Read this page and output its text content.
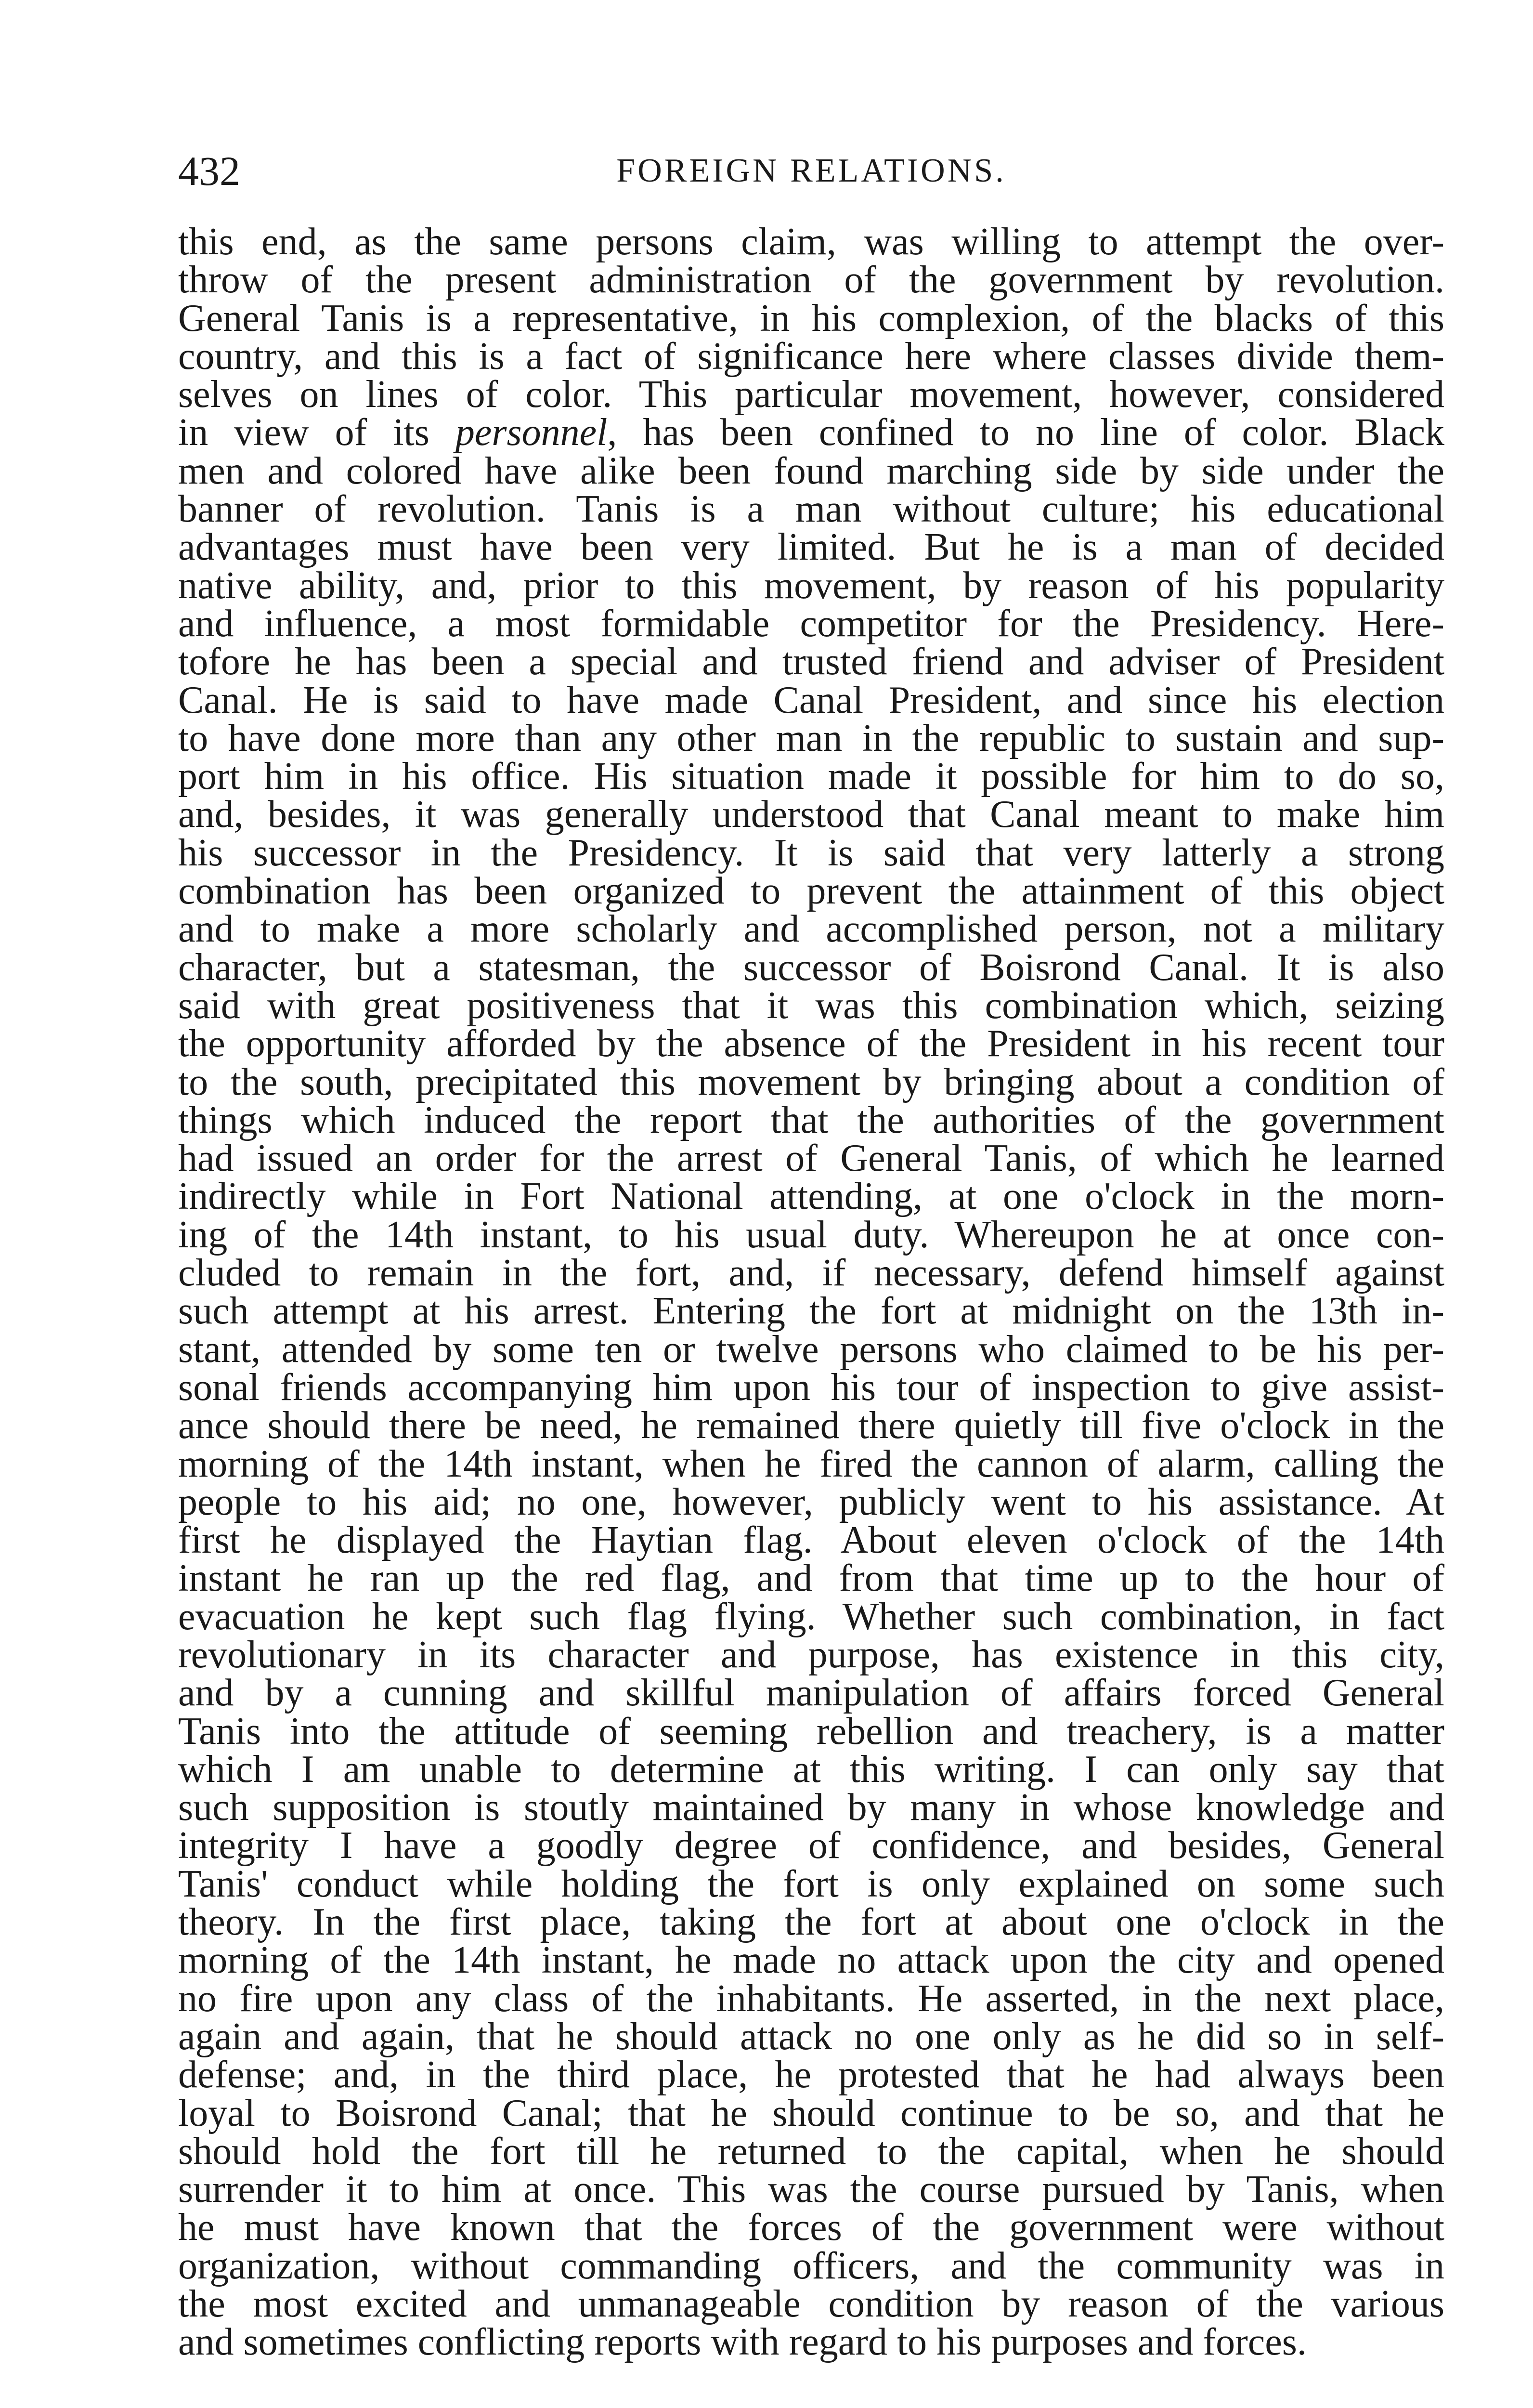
432	FOREIGN RELATIONS.
this end, as the same persons claim, was willing to attempt the over-
throw of the present administration of the government by revolution.
General Tanis is a representative, in his complexion, of the blacks of this
country, and this is a fact of significance here where classes divide them-
selves on lines of color. This particular movement, however, considered
in view of its personnel, has been confined to no line of color. Black
men and colored have alike been found marching side by side under the
banner of revolution. Tanis is a man without culture; his educational
advantages must have been very limited. But he is a man of decided
native ability, and, prior to this movement, by reason of his popularity
and influence, a most formidable competitor for the Presidency. Here-
tofore he has been a special and trusted friend and adviser of President
Canal. He is said to have made Canal President, and since his election
to have done more than any other man in the republic to sustain and sup-
port him in his office. His situation made it possible for him to do so,
and, besides, it was generally understood that Canal meant to make him
his successor in the Presidency. It is said that very latterly a strong
combination has been organized to prevent the attainment of this object
and to make a more scholarly and accomplished person, not a military
character, but a statesman, the successor of Boisrond Canal. It is also
said with great positiveness that it was this combination which, seizing
the opportunity afforded by the absence of the President in his recent tour
to the south, precipitated this movement by bringing about a condition of
things which induced the report that the authorities of the government
had issued an order for the arrest of General Tanis, of which he learned
indirectly while in Fort National attending, at one o'clock in the morn-
ing of the 14th instant, to his usual duty. Whereupon he at once con-
cluded to remain in the fort, and, if necessary, defend himself against
such attempt at his arrest. Entering the fort at midnight on the 13th in-
stant, attended by some ten or twelve persons who claimed to be his per-
sonal friends accompanying him upon his tour of inspection to give assist-
ance should there be need, he remained there quietly till five o'clock in the
morning of the 14th instant, when he fired the cannon of alarm, calling the
people to his aid; no one, however, publicly went to his assistance. At
first he displayed the Haytian flag. About eleven o'clock of the 14th
instant he ran up the red flag, and from that time up to the hour of
evacuation he kept such flag flying. Whether such combination, in fact
revolutionary in its character and purpose, has existence in this city,
and by a cunning and skillful manipulation of affairs forced General
Tanis into the attitude of seeming rebellion and treachery, is a matter
which I am unable to determine at this writing. I can only say that
such supposition is stoutly maintained by many in whose knowledge and
integrity I have a goodly degree of confidence, and besides, General
Tanis' conduct while holding the fort is only explained on some such
theory. In the first place, taking the fort at about one o'clock in the
morning of the 14th instant, he made no attack upon the city and opened
no fire upon any class of the inhabitants. He asserted, in the next place,
again and again, that he should attack no one only as he did so in self-
defense; and, in the third place, he protested that he had always been
loyal to Boisrond Canal; that he should continue to be so, and that he
should hold the fort till he returned to the capital, when he should
surrender it to him at once. This was the course pursued by Tanis, when
he must have known that the forces of the government were without
organization, without commanding officers, and the community was in
the most excited and unmanageable condition by reason of the various
and sometimes conflicting reports with regard to his purposes and forces.
